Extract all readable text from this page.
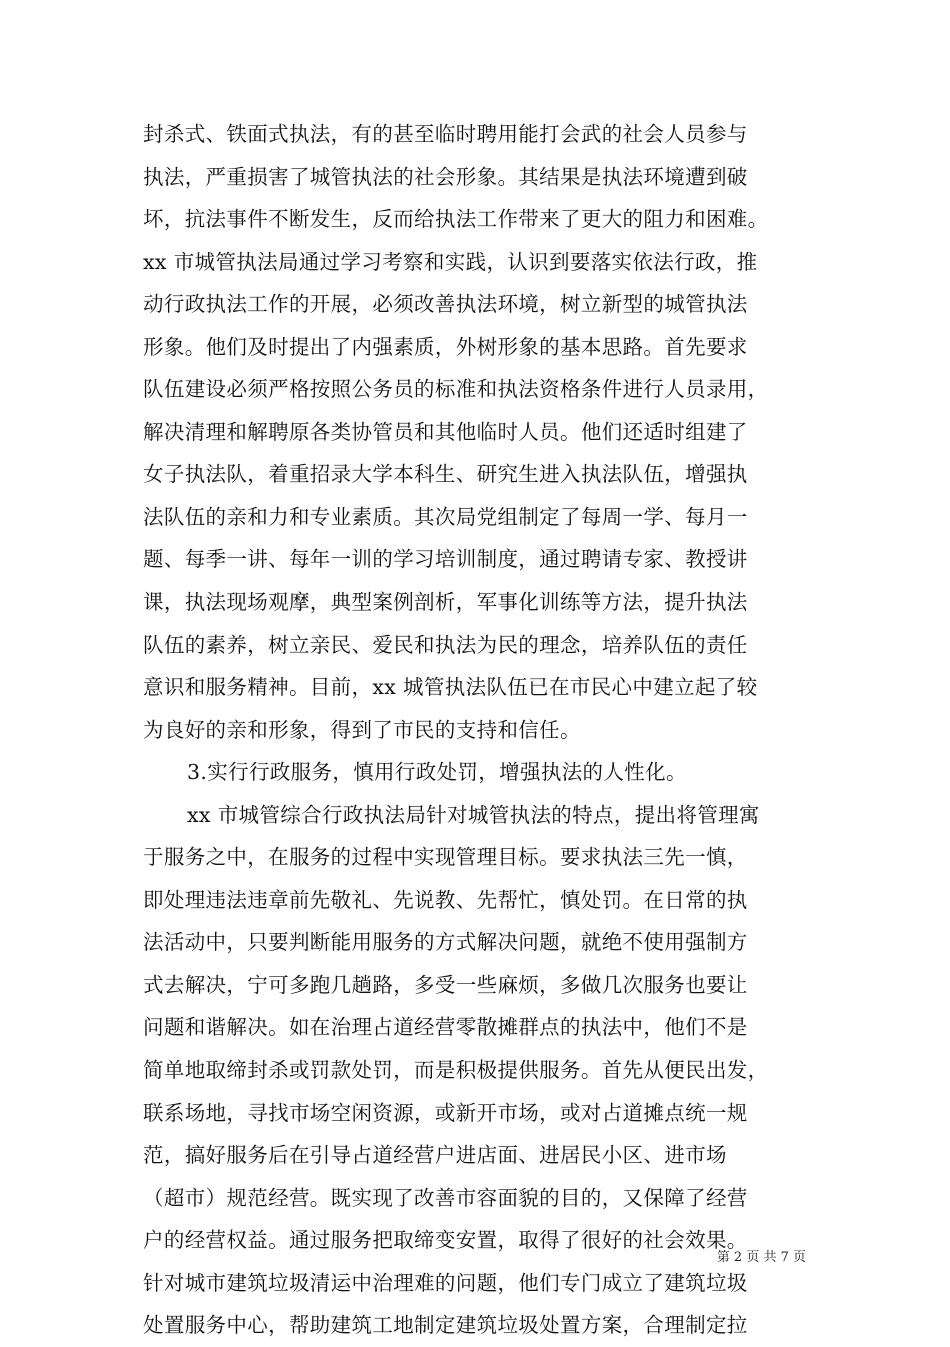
封杀式、铁面式执法，有的甚至临时聘用能打会武的社会人员参与
执法，严重损害了城管执法的社会形象。其结果是执法环境遭到破
坏，抗法事件不断发生，反而给执法工作带来了更大的阻力和困难。
xx 市城管执法局通过学习考察和实践，认识到要落实依法行政，推
动行政执法工作的开展，必须改善执法环境，树立新型的城管执法
形象。他们及时提出了内强素质，外树形象的基本思路。首先要求
队伍建设必须严格按照公务员的标准和执法资格条件进行人员录用，
解决清理和解聘原各类协管员和其他临时人员。他们还适时组建了
女子执法队，着重招录大学本科生、研究生进入执法队伍，增强执
法队伍的亲和力和专业素质。其次局党组制定了每周一学、每月一
题、每季一讲、每年一训的学习培训制度，通过聘请专家、教授讲
课，执法现场观摩，典型案例剖析，军事化训练等方法，提升执法
队伍的素养，树立亲民、爱民和执法为民的理念，培养队伍的责任
意识和服务精神。目前，xx 城管执法队伍已在市民心中建立起了较
为良好的亲和形象，得到了市民的支持和信任。
3.实行行政服务，慎用行政处罚，增强执法的人性化。
xx 市城管综合行政执法局针对城管执法的特点，提出将管理寓
于服务之中，在服务的过程中实现管理目标。要求执法三先一慎，
即处理违法违章前先敬礼、先说教、先帮忙，慎处罚。在日常的执
法活动中，只要判断能用服务的方式解决问题，就绝不使用强制方
式去解决，宁可多跑几趟路，多受一些麻烦，多做几次服务也要让
问题和谐解决。如在治理占道经营零散摊群点的执法中，他们不是
简单地取缔封杀或罚款处罚，而是积极提供服务。首先从便民出发，
联系场地，寻找市场空闲资源，或新开市场，或对占道摊点统一规
范，搞好服务后在引导占道经营户进店面、进居民小区、进市场
（超市）规范经营。既实现了改善市容面貌的目的，又保障了经营
户的经营权益。通过服务把取缔变安置，取得了很好的社会效果。
针对城市建筑垃圾清运中治理难的问题，他们专门成立了建筑垃圾
处置服务中心，帮助建筑工地制定建筑垃圾处置方案，合理制定拉
第 2 页 共 7 页
